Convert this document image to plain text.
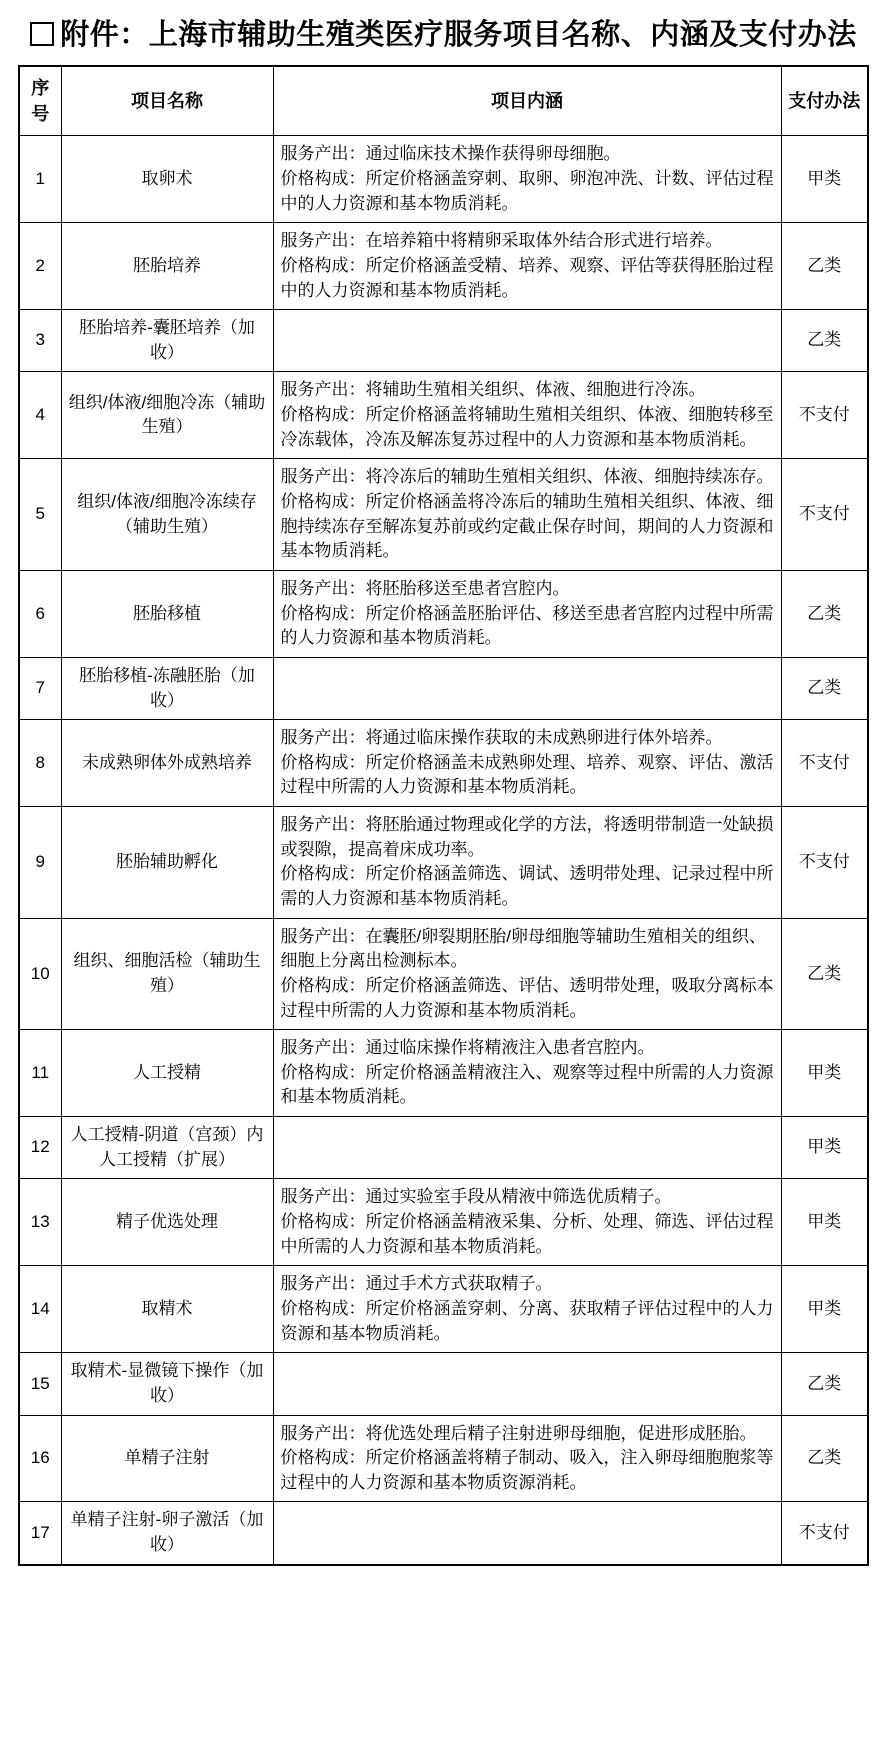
附件：上海市辅助生殖类医疗服务项目名称、内涵及支付办法
序号	项目名称	项目内涵	支付办法
1	取卵术	服务产出：通过临床技术操作获得卵母细胞。
价格构成：所定价格涵盖穿刺、取卵、卵泡冲洗、计数、评估过程中的人力资源和基本物质消耗。	甲类
2	胚胎培养	服务产出：在培养箱中将精卵采取体外结合形式进行培养。
价格构成：所定价格涵盖受精、培养、观察、评估等获得胚胎过程中的人力资源和基本物质消耗。	乙类
3	胚胎培养-囊胚培养（加收）		乙类
4	组织/体液/细胞冷冻（辅助生殖）	服务产出：将辅助生殖相关组织、体液、细胞进行冷冻。
价格构成：所定价格涵盖将辅助生殖相关组织、体液、细胞转移至冷冻载体，冷冻及解冻复苏过程中的人力资源和基本物质消耗。	不支付
5	组织/体液/细胞冷冻续存（辅助生殖）	服务产出：将冷冻后的辅助生殖相关组织、体液、细胞持续冻存。
价格构成：所定价格涵盖将冷冻后的辅助生殖相关组织、体液、细胞持续冻存至解冻复苏前或约定截止保存时间，期间的人力资源和基本物质消耗。	不支付
6	胚胎移植	服务产出：将胚胎移送至患者宫腔内。
价格构成：所定价格涵盖胚胎评估、移送至患者宫腔内过程中所需的人力资源和基本物质消耗。	乙类
7	胚胎移植-冻融胚胎（加收）		乙类
8	未成熟卵体外成熟培养	服务产出：将通过临床操作获取的未成熟卵进行体外培养。
价格构成：所定价格涵盖未成熟卵处理、培养、观察、评估、激活过程中所需的人力资源和基本物质消耗。	不支付
9	胚胎辅助孵化	服务产出：将胚胎通过物理或化学的方法，将透明带制造一处缺损或裂隙，提高着床成功率。
价格构成：所定价格涵盖筛选、调试、透明带处理、记录过程中所需的人力资源和基本物质消耗。	不支付
10	组织、细胞活检（辅助生殖）	服务产出：在囊胚/卵裂期胚胎/卵母细胞等辅助生殖相关的组织、细胞上分离出检测标本。
价格构成：所定价格涵盖筛选、评估、透明带处理，吸取分离标本过程中所需的人力资源和基本物质消耗。	乙类
11	人工授精	服务产出：通过临床操作将精液注入患者宫腔内。
价格构成：所定价格涵盖精液注入、观察等过程中所需的人力资源和基本物质消耗。	甲类
12	人工授精-阴道（宫颈）内人工授精（扩展）		甲类
13	精子优选处理	服务产出：通过实验室手段从精液中筛选优质精子。
价格构成：所定价格涵盖精液采集、分析、处理、筛选、评估过程中所需的人力资源和基本物质消耗。	甲类
14	取精术	服务产出：通过手术方式获取精子。
价格构成：所定价格涵盖穿刺、分离、获取精子评估过程中的人力资源和基本物质消耗。	甲类
15	取精术-显微镜下操作（加收）		乙类
16	单精子注射	服务产出：将优选处理后精子注射进卵母细胞，促进形成胚胎。
价格构成：所定价格涵盖将精子制动、吸入，注入卵母细胞胞浆等过程中的人力资源和基本物质资源消耗。	乙类
17	单精子注射-卵子激活（加收）		不支付
